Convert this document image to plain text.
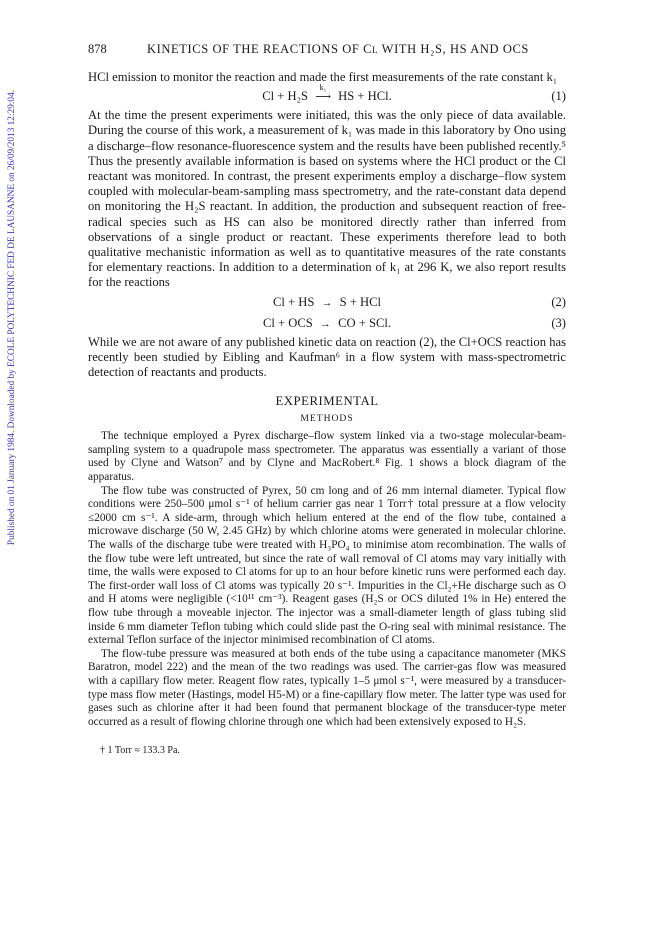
Published on 01 January 1984. Downloaded by ECOLE POLYTECHNIC FED DE LAUSANNE on 26/09/2013 12:29:04.
878	KINETICS OF THE REACTIONS OF Cl WITH H₂S, HS AND OCS

HCl emission to monitor the reaction and made the first measurements of the rate constant k₁

Cl + H₂S
k₁
⟶ HS + HCl.	(1)

At the time the present experiments were initiated, this was the only piece of data available. During the course of this work, a measurement of k₁ was made in this laboratory by Ono using a discharge–flow resonance-fluorescence system and the results have been published recently.⁵ Thus the presently available information is based on systems where the HCl product or the Cl reactant was monitored. In contrast, the present experiments employ a discharge–flow system coupled with molecular-beam-sampling mass spectrometry, and the rate-constant data depend on monitoring the H₂S reactant. In addition, the production and subsequent reaction of free-radical species such as HS can also be monitored directly rather than inferred from observations of a single product or reactant. These experiments therefore lead to both qualitative mechanistic information as well as to quantitative measures of the rate constants for elementary reactions. In addition to a determination of k₁ at 296 K, we also report results for the reactions

Cl + HS → S + HCl	(2)
Cl + OCS → CO + SCl.	(3)

While we are not aware of any published kinetic data on reaction (2), the Cl+OCS reaction has recently been studied by Eibling and Kaufman⁶ in a flow system with mass-spectrometric detection of reactants and products.

EXPERIMENTAL
METHODS

The technique employed a Pyrex discharge–flow system linked via a two-stage molecular-beam-sampling system to a quadrupole mass spectrometer. The apparatus was essentially a variant of those used by Clyne and Watson⁷ and by Clyne and MacRobert.⁸ Fig. 1 shows a block diagram of the apparatus.

The flow tube was constructed of Pyrex, 50 cm long and of 26 mm internal diameter. Typical flow conditions were 250–500 μmol s⁻¹ of helium carrier gas near 1 Torr† total pressure at a flow velocity ≤2000 cm s⁻¹. A side-arm, through which helium entered at the end of the flow tube, contained a microwave discharge (50 W, 2.45 GHz) by which chlorine atoms were generated in molecular chlorine. The walls of the discharge tube were treated with H₃PO₄ to minimise atom recombination. The walls of the flow tube were left untreated, but since the rate of wall removal of Cl atoms may vary initially with time, the walls were exposed to Cl atoms for up to an hour before kinetic runs were performed each day. The first-order wall loss of Cl atoms was typically 20 s⁻¹. Impurities in the Cl₂+He discharge such as O and H atoms were negligible (<10¹¹ cm⁻³). Reagent gases (H₂S or OCS diluted 1% in He) entered the flow tube through a moveable injector. The injector was a small-diameter length of glass tubing slid inside 6 mm diameter Teflon tubing which could slide past the O-ring seal with minimal resistance. The external Teflon surface of the injector minimised recombination of Cl atoms.

The flow-tube pressure was measured at both ends of the tube using a capacitance manometer (MKS Baratron, model 222) and the mean of the two readings was used. The carrier-gas flow was measured with a capillary flow meter. Reagent flow rates, typically 1–5 μmol s⁻¹, were measured by a transducer-type mass flow meter (Hastings, model H5-M) or a fine-capillary flow meter. The latter type was used for gases such as chlorine after it had been found that permanent blockage of the transducer-type meter occurred as a result of flowing chlorine through one which had been extensively exposed to H₂S.

† 1 Torr ≈ 133.3 Pa.
